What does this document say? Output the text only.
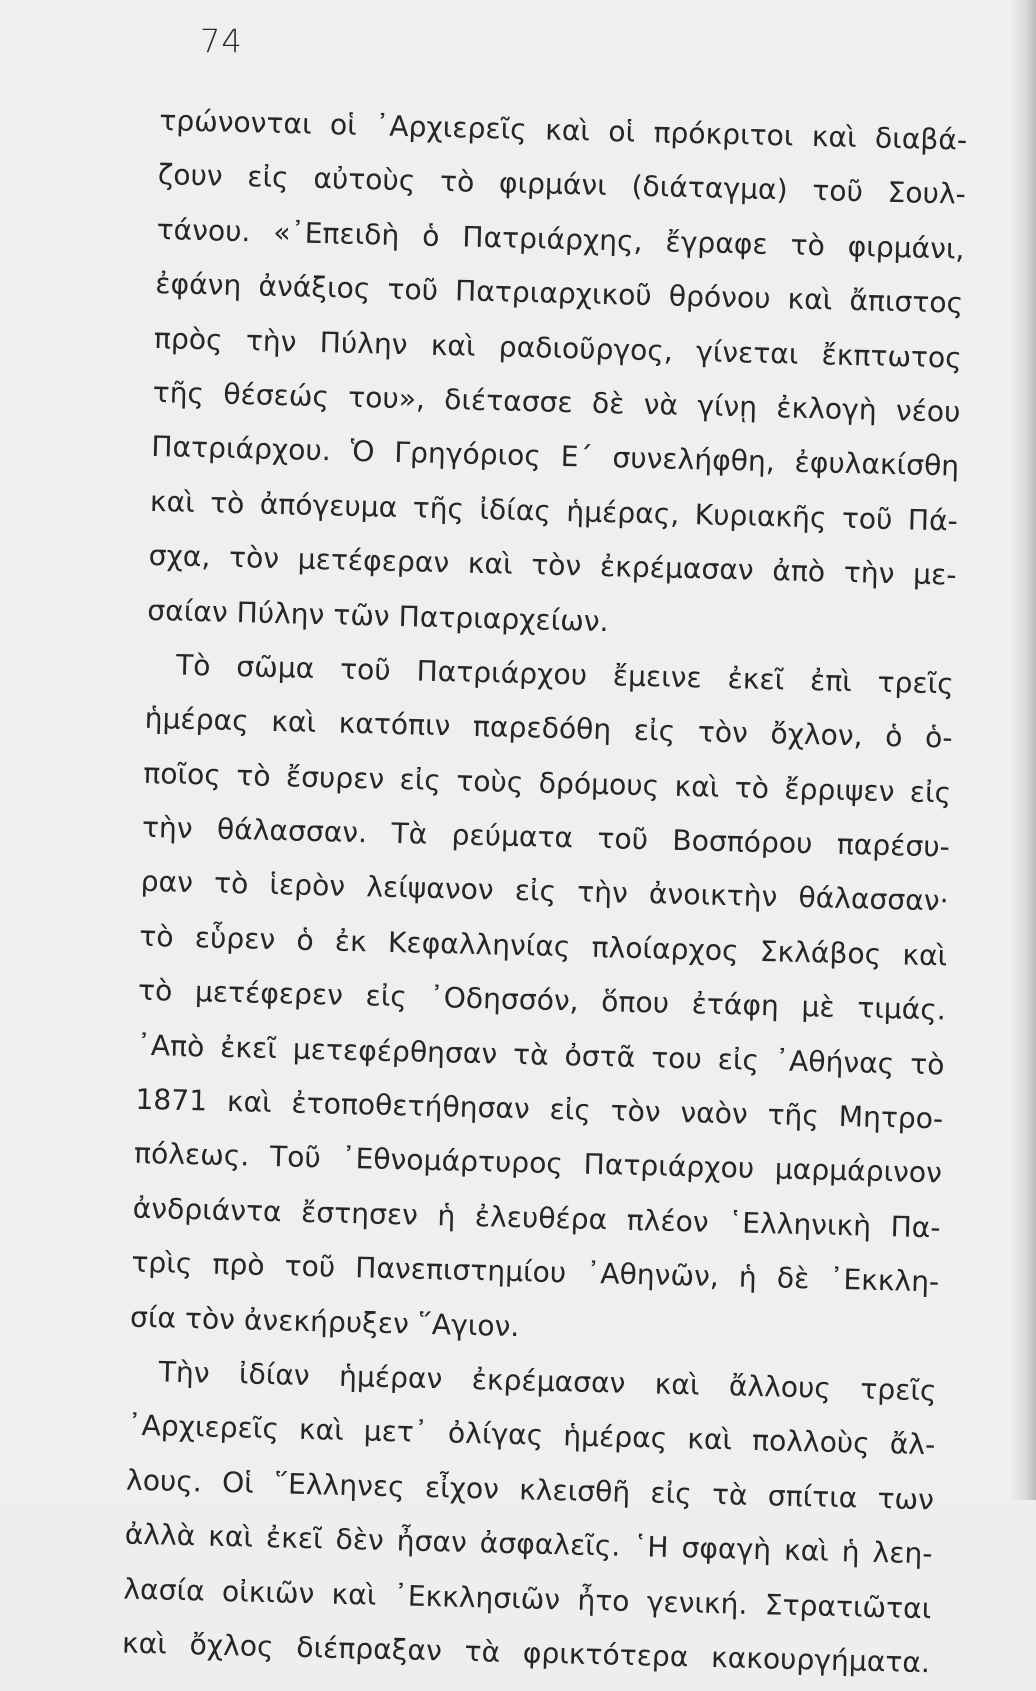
74
τρώνονται οἱ ᾿Αρχιερεῖς καὶ οἱ πρόκριτοι καὶ διαβά-
ζουν εἰς αὐτοὺς τὸ φιρμάνι (διάταγμα) τοῦ Σουλ-
τάνου. «᾿Επειδὴ ὁ Πατριάρχης, ἔγραφε τὸ φιρμάνι,
ἐφάνη ἀνάξιος τοῦ Πατριαρχικοῦ θρόνου καὶ ἄπιστος
πρὸς τὴν Πύλην καὶ ραδιοῦργος, γίνεται ἔκπτωτος
τῆς θέσεώς του», διέτασσε δὲ νὰ γίνῃ ἐκλογὴ νέου
Πατριάρχου. Ὁ Γρηγόριος Ε΄ συνελήφθη, ἐφυλακίσθη
καὶ τὸ ἀπόγευμα τῆς ἰδίας ἡμέρας, Κυριακῆς τοῦ Πά-
σχα, τὸν μετέφεραν καὶ τὸν ἐκρέμασαν ἀπὸ τὴν με-
σαίαν Πύλην τῶν Πατριαρχείων.
Τὸ σῶμα τοῦ Πατριάρχου ἔμεινε ἐκεῖ ἐπὶ τρεῖς
ἡμέρας καὶ κατόπιν παρεδόθη εἰς τὸν ὄχλον, ὁ ὁ-
ποῖος τὸ ἔσυρεν εἰς τοὺς δρόμους καὶ τὸ ἔρριψεν εἰς
τὴν θάλασσαν. Τὰ ρεύματα τοῦ Βοσπόρου παρέσυ-
ραν τὸ ἱερὸν λείψανον εἰς τὴν ἀνοικτὴν θάλασσαν·
τὸ εὗρεν ὁ ἐκ Κεφαλληνίας πλοίαρχος Σκλάβος καὶ
τὸ μετέφερεν εἰς ᾿Οδησσόν, ὅπου ἐτάφη μὲ τιμάς.
᾿Απὸ ἐκεῖ μετεφέρθησαν τὰ ὀστᾶ του εἰς ᾿Αθήνας τὸ
1871 καὶ ἐτοποθετήθησαν εἰς τὸν ναὸν τῆς Μητρο-
πόλεως. Τοῦ ᾿Εθνομάρτυρος Πατριάρχου μαρμάρινον
ἀνδριάντα ἔστησεν ἡ ἐλευθέρα πλέον ῾Ελληνικὴ Πα-
τρὶς πρὸ τοῦ Πανεπιστημίου ᾿Αθηνῶν, ἡ δὲ ᾿Εκκλη-
σία τὸν ἀνεκήρυξεν ῞Αγιον.
Τὴν ἰδίαν ἡμέραν ἐκρέμασαν καὶ ἄλλους τρεῖς
᾿Αρχιερεῖς καὶ μετ᾿ ὀλίγας ἡμέρας καὶ πολλοὺς ἄλ-
λους. Οἱ ῞Ελληνες εἶχον κλεισθῆ εἰς τὰ σπίτια των
ἀλλὰ καὶ ἐκεῖ δὲν ἦσαν ἀσφαλεῖς. ῾Η σφαγὴ καὶ ἡ λεη-
λασία οἰκιῶν καὶ ᾿Εκκλησιῶν ἦτο γενική. Στρατιῶται
καὶ ὄχλος διέπραξαν τὰ φρικτότερα κακουργήματα.
